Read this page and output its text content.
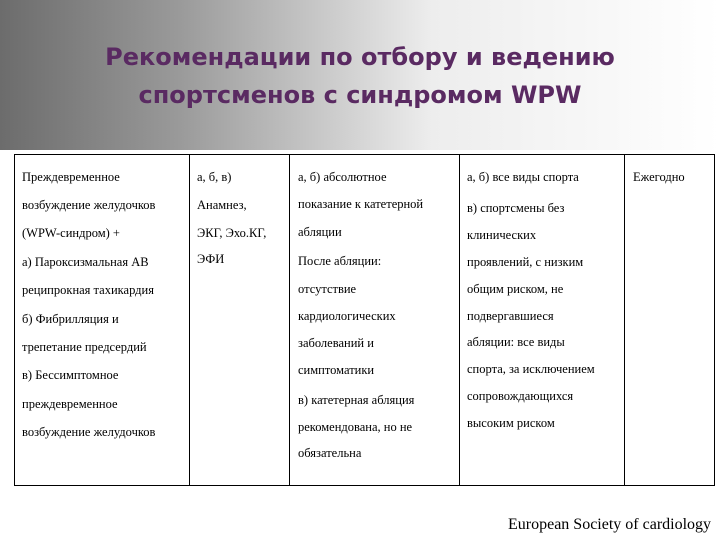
Рекомендации по отбору и ведению
спортсменов с синдромом WPW
Преждевременное
возбуждение желудочков
(WPW-синдром) +
а) Пароксизмальная АВ
реципрокная тахикардия
б) Фибрилляция и
трепетание предсердий
в) Бессимптомное
преждевременное
возбуждение желудочков
а, б, в)
Анамнез,
ЭКГ, Эхо.КГ,
ЭФИ
а, б) абсолютное
показание к катетерной
абляции
После абляции:
отсутствие
кардиологических
заболеваний и
симптоматики
в) катетерная абляция
рекомендована, но не
обязательна
а, б) все виды спорта
в) спортсмены без
клинических
проявлений, с низким
общим риском, не
подвергавшиеся
абляции: все виды
спорта, за исключением
сопровождающихся
высоким риском
Ежегодно
European Society of cardiology
